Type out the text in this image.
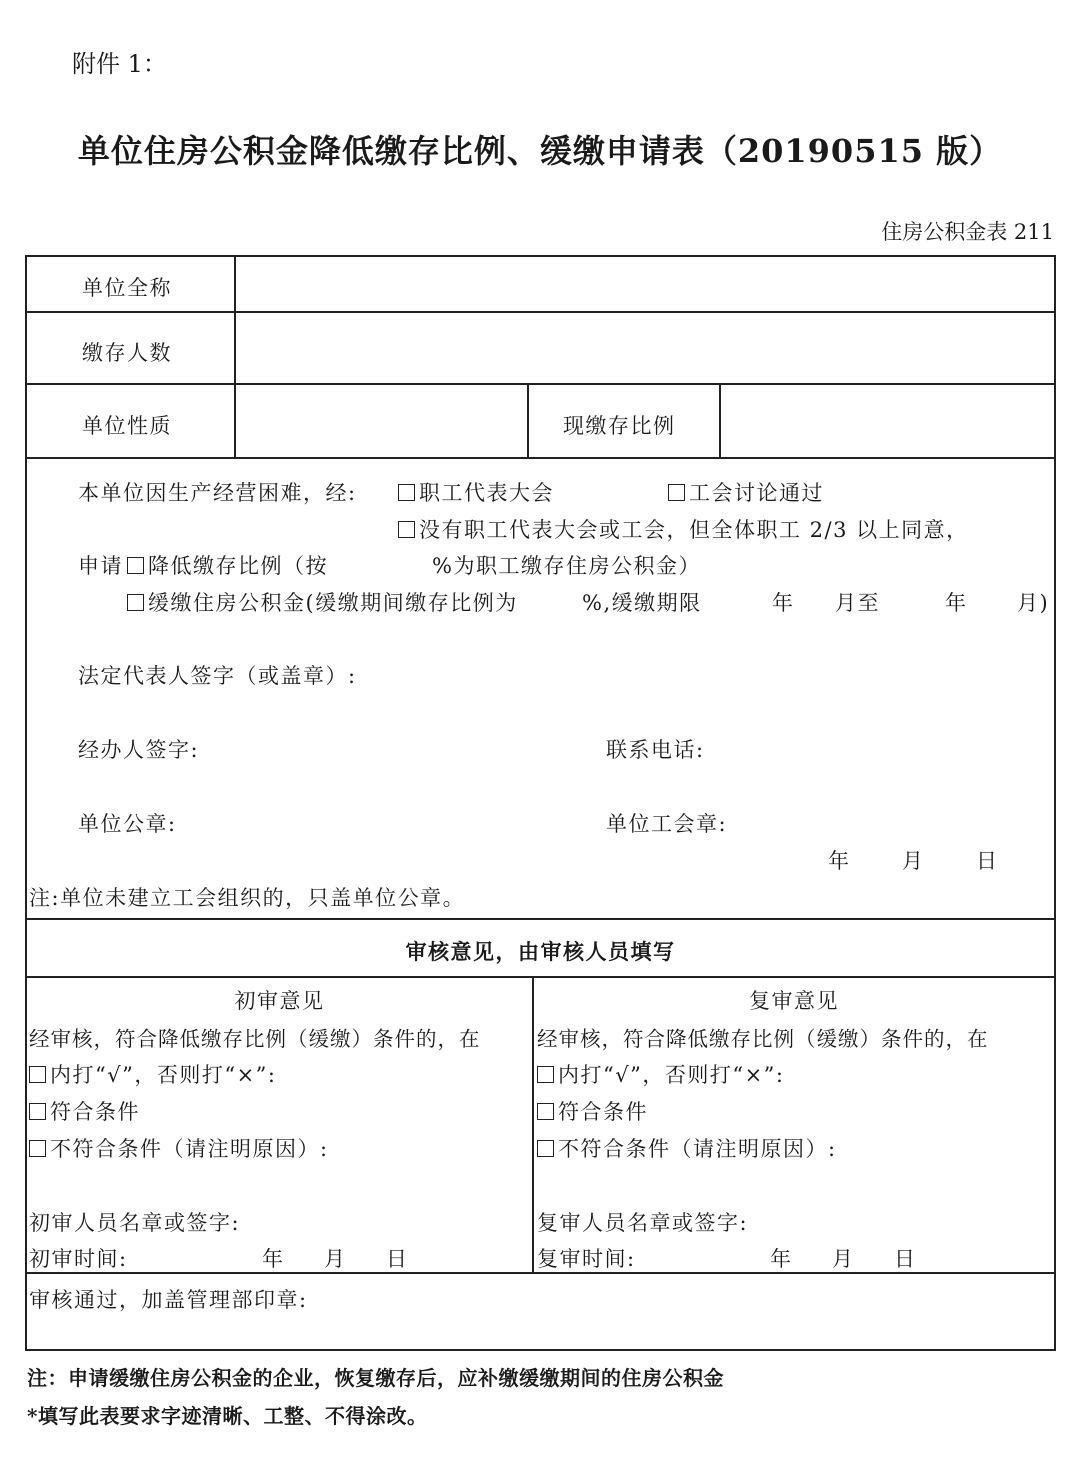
附件 1：
单位住房公积金降低缴存比例、缓缴申请表（20190515 版）
住房公积金表 211
单位全称
缴存人数
单位性质	现缴存比例
本单位因生产经营困难，经:	职工代表大会	工会讨论通过
没有职工代表大会或工会，但全体职工 2/3 以上同意，
申请	降低缴存比例（按	%为职工缴存住房公积金）
缓缴住房公积金(缓缴期间缴存比例为	%,缓缴期限	年 月至	年 月)
法定代表人签字（或盖章）:
经办人签字:	联系电话:
单位公章:	单位工会章:
年 月 日
注:单位未建立工会组织的，只盖单位公章。
审核意见，由审核人员填写
初审意见
经审核，符合降低缴存比例（缓缴）条件的，在
内打“√”，否则打“×”:
符合条件
不符合条件（请注明原因）:
初审人员名章或签字:
初审时间:	年 月 日
复审意见
经审核，符合降低缴存比例（缓缴）条件的，在
内打“√”，否则打“×”:
符合条件
不符合条件（请注明原因）:
复审人员名章或签字:
复审时间:	年 月 日
审核通过，加盖管理部印章:
注：申请缓缴住房公积金的企业，恢复缴存后，应补缴缓缴期间的住房公积金
*填写此表要求字迹清晰、工整、不得涂改。
